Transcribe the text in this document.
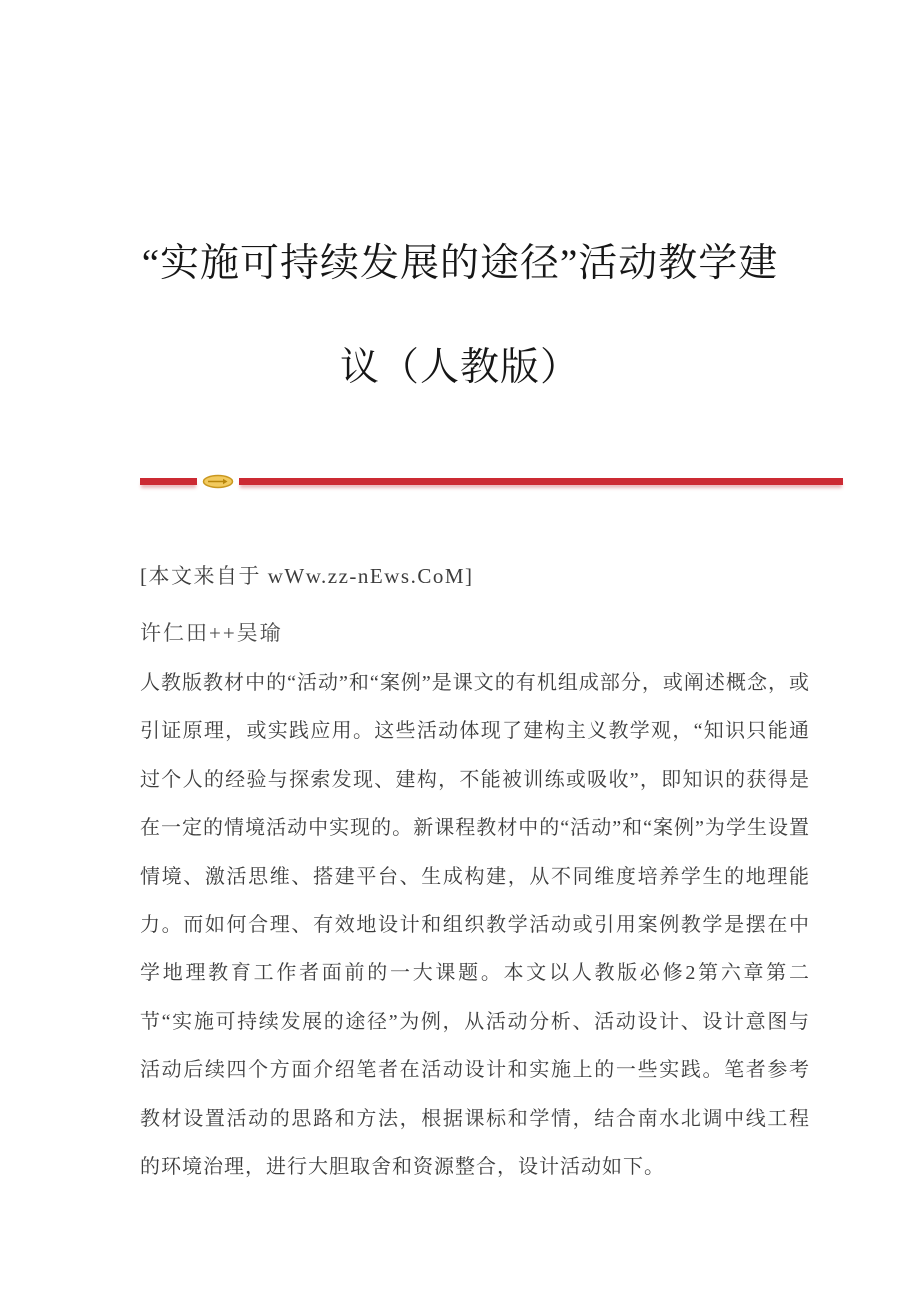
“实施可持续发展的途径”活动教学建
议（人教版）
[本文来自于 wWw.zz-nEws.CoM]
许仁田++吴瑜
人教版教材中的“活动”和“案例”是课文的有机组成部分，或阐述概念，或引证原理，或实践应用。这些活动体现了建构主义教学观，“知识只能通过个人的经验与探索发现、建构，不能被训练或吸收”，即知识的获得是在一定的情境活动中实现的。新课程教材中的“活动”和“案例”为学生设置情境、激活思维、搭建平台、生成构建，从不同维度培养学生的地理能力。而如何合理、有效地设计和组织教学活动或引用案例教学是摆在中学地理教育工作者面前的一大课题。本文以人教版必修2第六章第二节“实施可持续发展的途径”为例，从活动分析、活动设计、设计意图与活动后续四个方面介绍笔者在活动设计和实施上的一些实践。笔者参考教材设置活动的思路和方法，根据课标和学情，结合南水北调中线工程的环境治理，进行大胆取舍和资源整合，设计活动如下。
